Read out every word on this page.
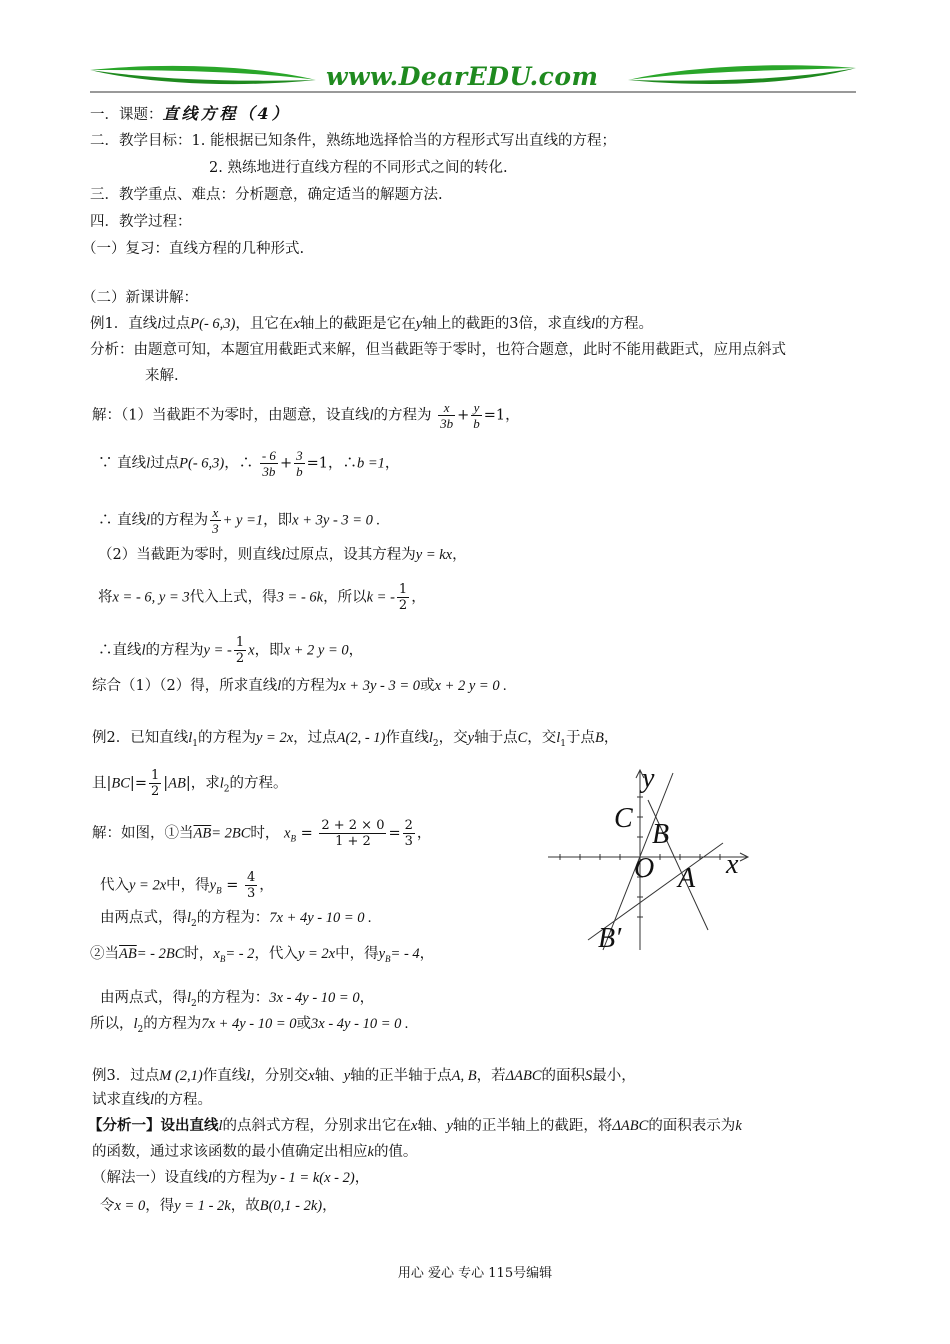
www.DearEDU.com
一．课题：直线方程（4）
二．教学目标：1. 能根据已知条件，熟练地选择恰当的方程形式写出直线的方程；
2. 熟练地进行直线方程的不同形式之间的转化.
三．教学重点、难点：分析题意，确定适当的解题方法.
四．教学过程：
（一）复习：直线方程的几种形式.
（二）新课讲解：
例1．直线l过点P(- 6,3)，且它在x轴上的截距是它在y轴上的截距的3倍，求直线l的方程。
分析：由题意可知，本题宜用截距式来解，但当截距等于零时，也符合题意，此时不能用截距式，应用点斜式
来解.
解：（1）当截距不为零时，由题意，设直线l的方程为 $\frac{x}{3b} + \frac{y}{b} =1$，
∵ 直线l过点P(- 6,3)，∴ $\frac{- 6}{3b} + \frac{3}{b} =1$，∴b =1，
∴ 直线l的方程为 $\frac{x}{3} + y =1$，即x + 3y - 3 = 0 .
（2）当截距为零时，则直线l过原点，设其方程为y = kx，
将x = - 6, y = 3代入上式，得3 = - 6k，所以k = - $\frac{1}{2}$ ，
∴直线l的方程为y = - $\frac{1}{2}$ x，即x + 2 y = 0，
综合（1）（2）得，所求直线l的方程为x + 3y - 3 = 0或x + 2 y = 0 .
例2．已知直线$l_1$的方程为y = 2x，过点A(2, - 1)作直线$l_2$，交y轴于点C，交$l_1$于点B，
且$|BC|= \frac{1}{2} |AB|$，求$l_2$的方程。
解：如图，①当$\overline{AB}= 2BC$时， $x_B = \frac{2 + 2 \times 0}{1 + 2} = \frac{2}{3}$ ，
代入y = 2x中，得$y_B = \frac{4}{3}$ ，
由两点式，得$l_2$的方程为：7x + 4y - 10 = 0 .
②当$\overline{AB}= - 2BC$时，$x_B= - 2$，代入y = 2x中，得$y_B= - 4$，
由两点式，得$l_2$的方程为：3x - 4y - 10 = 0，
所以，$l_2$的方程为7x + 4y - 10 = 0或3x - 4y - 10 = 0 .
y
x
C
B
O A
B′
例3．过点M (2,1)作直线l，分别交x轴、y轴的正半轴于点A, B，若ΔABC的面积S最小，
试求直线l的方程。
【分析一】设出直线l的点斜式方程，分别求出它在x轴、y轴的正半轴上的截距，将ΔABC的面积表示为k
的函数，通过求该函数的最小值确定出相应k的值。
（解法一）设直线l的方程为y - 1 = k(x - 2)，
令x = 0，得y = 1 - 2k，故B(0,1 - 2k)，
用心 爱心 专心 115号编辑
